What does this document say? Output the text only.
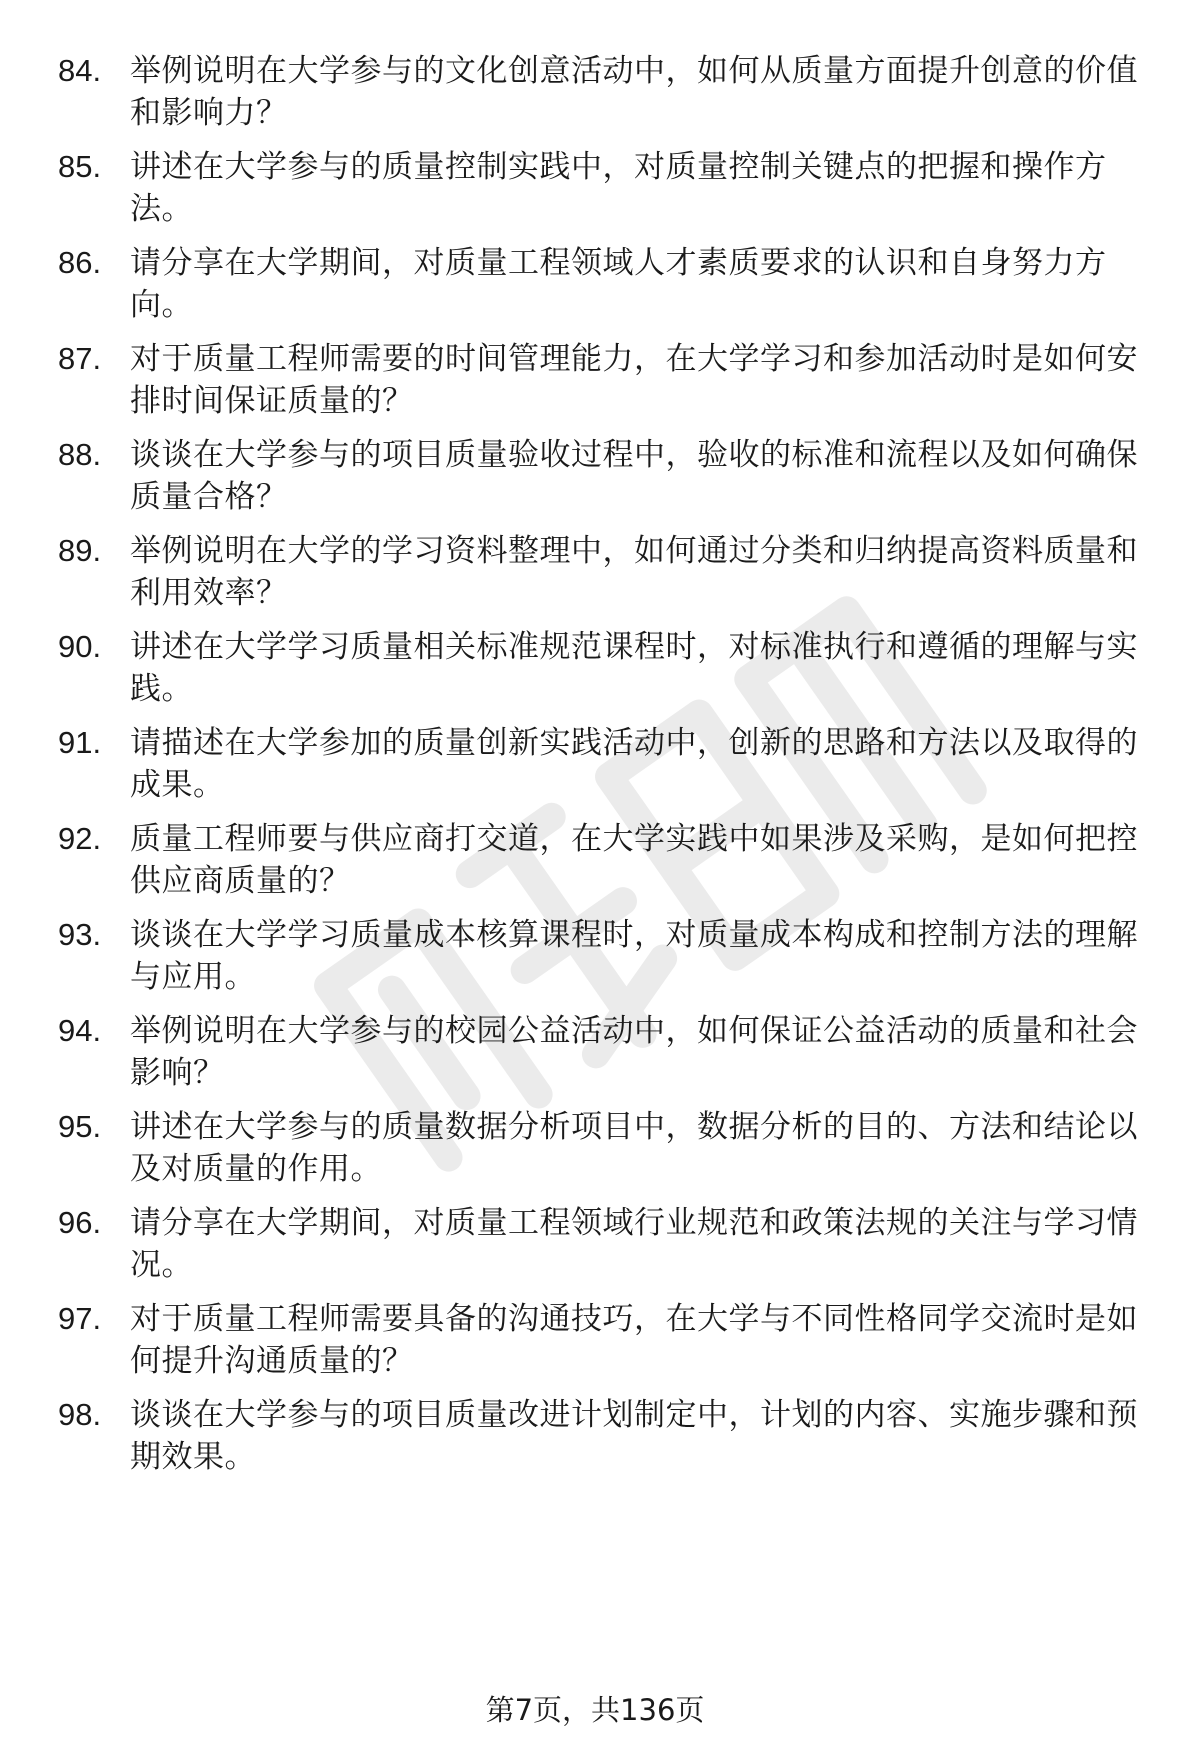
84. 举例说明在大学参与的文化创意活动中，如何从质量方面提升创意的价值和影响力？
85. 讲述在大学参与的质量控制实践中，对质量控制关键点的把握和操作方法。
86. 请分享在大学期间，对质量工程领域人才素质要求的认识和自身努力方向。
87. 对于质量工程师需要的时间管理能力，在大学学习和参加活动时是如何安排时间保证质量的？
88. 谈谈在大学参与的项目质量验收过程中，验收的标准和流程以及如何确保质量合格？
89. 举例说明在大学的学习资料整理中，如何通过分类和归纳提高资料质量和利用效率？
90. 讲述在大学学习质量相关标准规范课程时，对标准执行和遵循的理解与实践。
91. 请描述在大学参加的质量创新实践活动中，创新的思路和方法以及取得的成果。
92. 质量工程师要与供应商打交道，在大学实践中如果涉及采购，是如何把控供应商质量的？
93. 谈谈在大学学习质量成本核算课程时，对质量成本构成和控制方法的理解与应用。
94. 举例说明在大学参与的校园公益活动中，如何保证公益活动的质量和社会影响？
95. 讲述在大学参与的质量数据分析项目中，数据分析的目的、方法和结论以及对质量的作用。
96. 请分享在大学期间，对质量工程领域行业规范和政策法规的关注与学习情况。
97. 对于质量工程师需要具备的沟通技巧，在大学与不同性格同学交流时是如何提升沟通质量的？
98. 谈谈在大学参与的项目质量改进计划制定中，计划的内容、实施步骤和预期效果。
第7页，共136页
